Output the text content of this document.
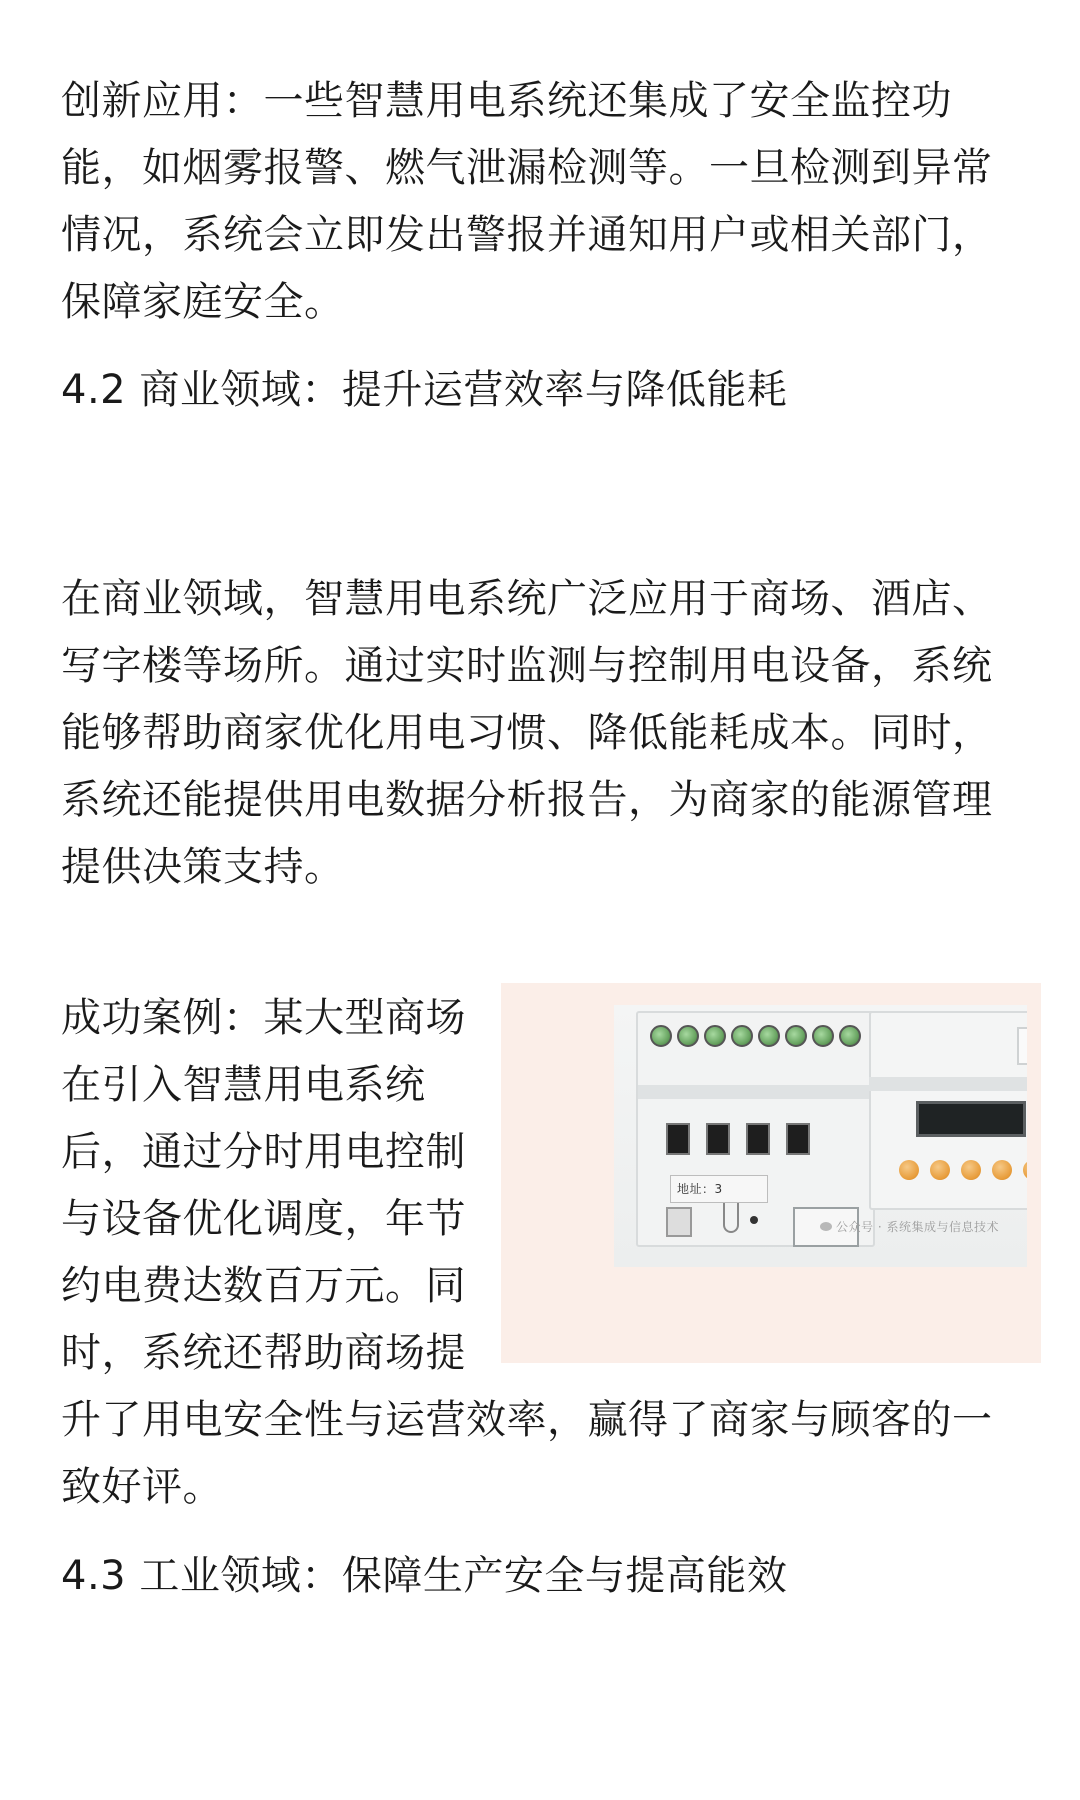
创新应用：一些智慧用电系统还集成了安全监控功能，如烟雾报警、燃气泄漏检测等。一旦检测到异常情况，系统会立即发出警报并通知用户或相关部门，保障家庭安全。

4.2 商业领域：提升运营效率与降低能耗

在商业领域，智慧用电系统广泛应用于商场、酒店、写字楼等场所。通过实时监测与控制用电设备，系统能够帮助商家优化用电习惯、降低能耗成本。同时，系统还能提供用电数据分析报告，为商家的能源管理提供决策支持。

地址：3
公众号 · 系统集成与信息技术
成功案例：某大型商场在引入智慧用电系统后，通过分时用电控制与设备优化调度，年节约电费达数百万元。同时，系统还帮助商场提升了用电安全性与运营效率，赢得了商家与顾客的一致好评。
4.3 工业领域：保障生产安全与提高能效
